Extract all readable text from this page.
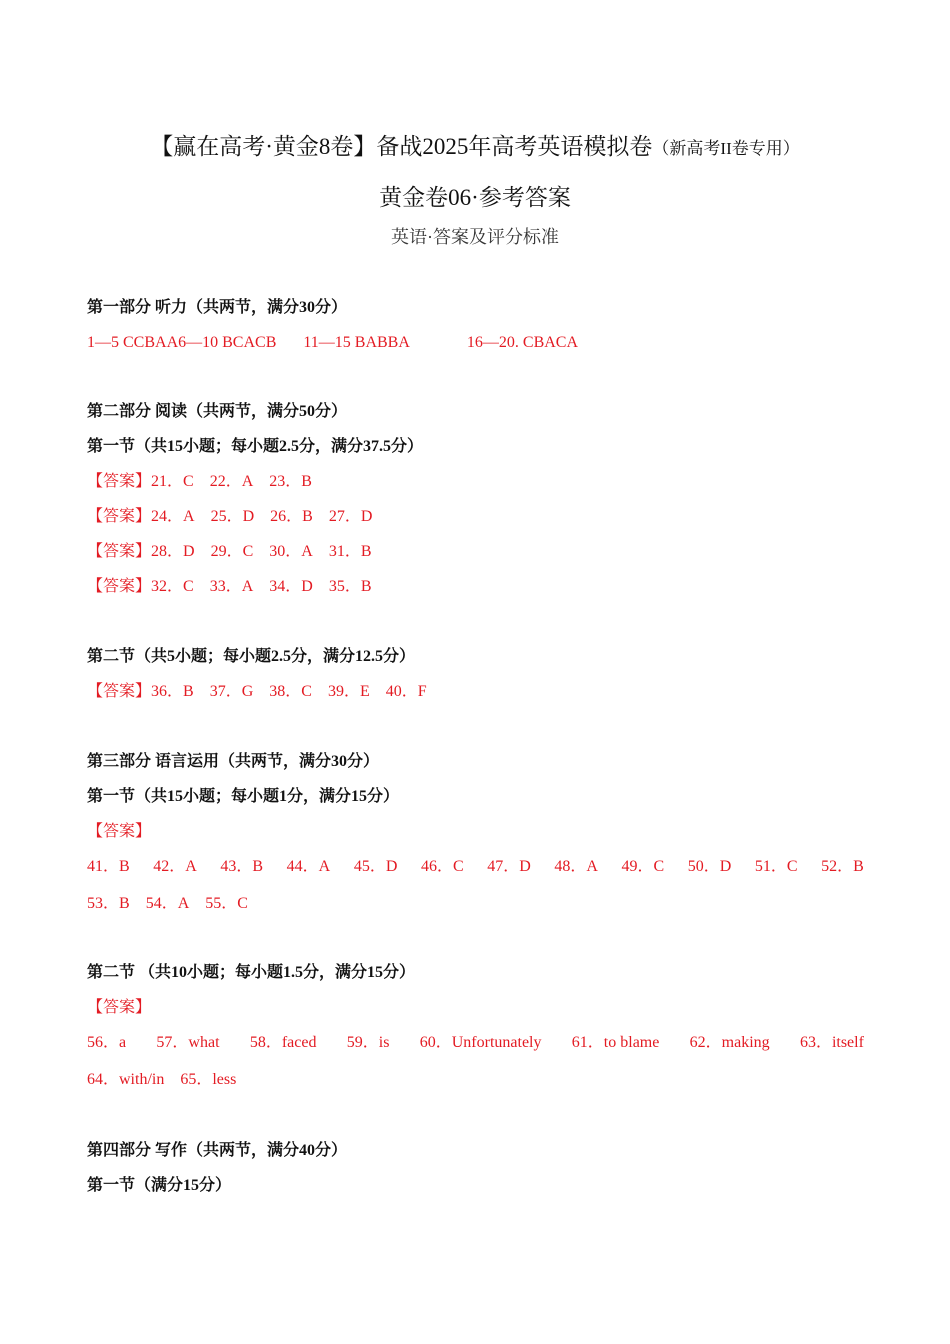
【赢在高考·黄金8卷】备战2025年高考英语模拟卷（新高考II卷专用）
黄金卷06·参考答案
英语·答案及评分标准
第一部分 听力（共两节，满分30分）
1—5 CCBAA6—10 BCACB 11—15 BABBA	16—20. CBACA
第二部分 阅读（共两节，满分50分）
第一节（共15小题；每小题2.5分，满分37.5分）
【答案】 21．C 22．A 23．B
【答案】 24．A 25．D 26．B 27．D
【答案】 28．D 29．C 30．A 31．B
【答案】 32．C 33．A 34．D 35．B
第二节（共5小题；每小题2.5分，满分12.5分）
【答案】 36．B 37．G 38．C 39．E 40．F
第三部分 语言运用（共两节，满分30分）
第一节（共15小题；每小题1分，满分15分）
【答案】
41．B 42．A 43．B 44．A 45．D 46．C 47．D 48．A 49．C 50．D 51．C 52．B
53．B 54．A 55．C
第二节 （共10小题；每小题1.5分，满分15分）
【答案】
56．a 57．what 58．faced 59．is 60．Unfortunately 61．to blame 62．making 63．itself
64．with/in 65．less
第四部分 写作（共两节，满分40分）
第一节（满分15分）
